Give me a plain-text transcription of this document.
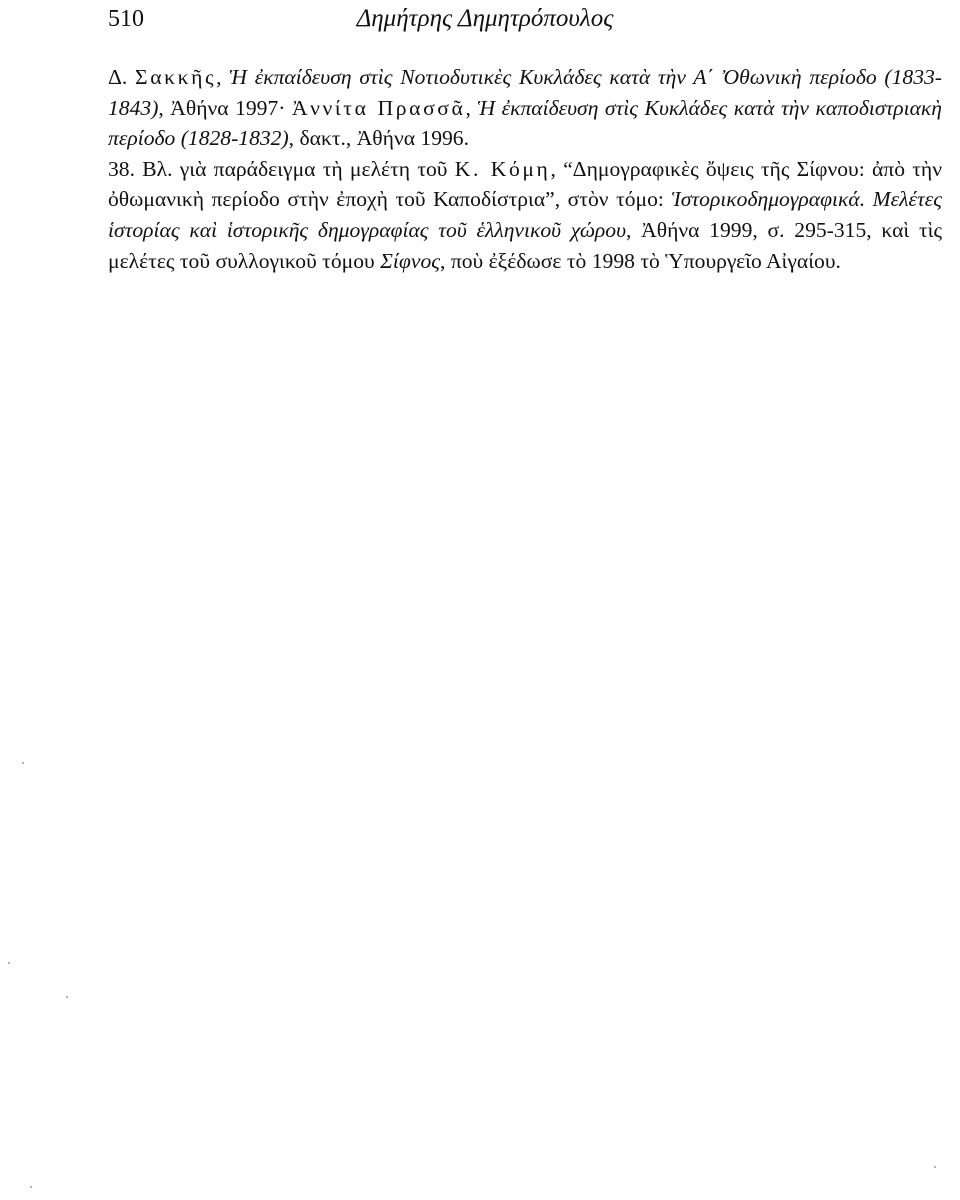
510	Δημήτρης Δημητρόπουλος

Δ. Σακκῆς, Ἡ ἐκπαίδευση στὶς Νοτιοδυτικὲς Κυκλάδες κατὰ τὴν Α΄ Ὀθωνικὴ περίοδο (1833-1843), Ἀθήνα 1997· Ἀννίτα Πρασσᾶ, Ἡ ἐκπαίδευση στὶς Κυκλάδες κατὰ τὴν καποδιστριακὴ περίοδο (1828-1832), δακτ., Ἀθήνα 1996.

38. Βλ. γιὰ παράδειγμα τὴ μελέτη τοῦ Κ. Κόμη, “Δημογραφικὲς ὄψεις τῆς Σίφνου: ἀπὸ τὴν ὀθωμανικὴ περίοδο στὴν ἐποχὴ τοῦ Καποδίστρια”, στὸν τόμο: Ἱστορικοδημογραφικά. Μελέτες ἱστορίας καὶ ἱστορικῆς δημογραφίας τοῦ ἑλληνικοῦ χώρου, Ἀθήνα 1999, σ. 295-315, καὶ τὶς μελέτες τοῦ συλλογικοῦ τόμου Σίφνος, ποὺ ἐξέδωσε τὸ 1998 τὸ Ὑπουργεῖο Αἰγαίου.
